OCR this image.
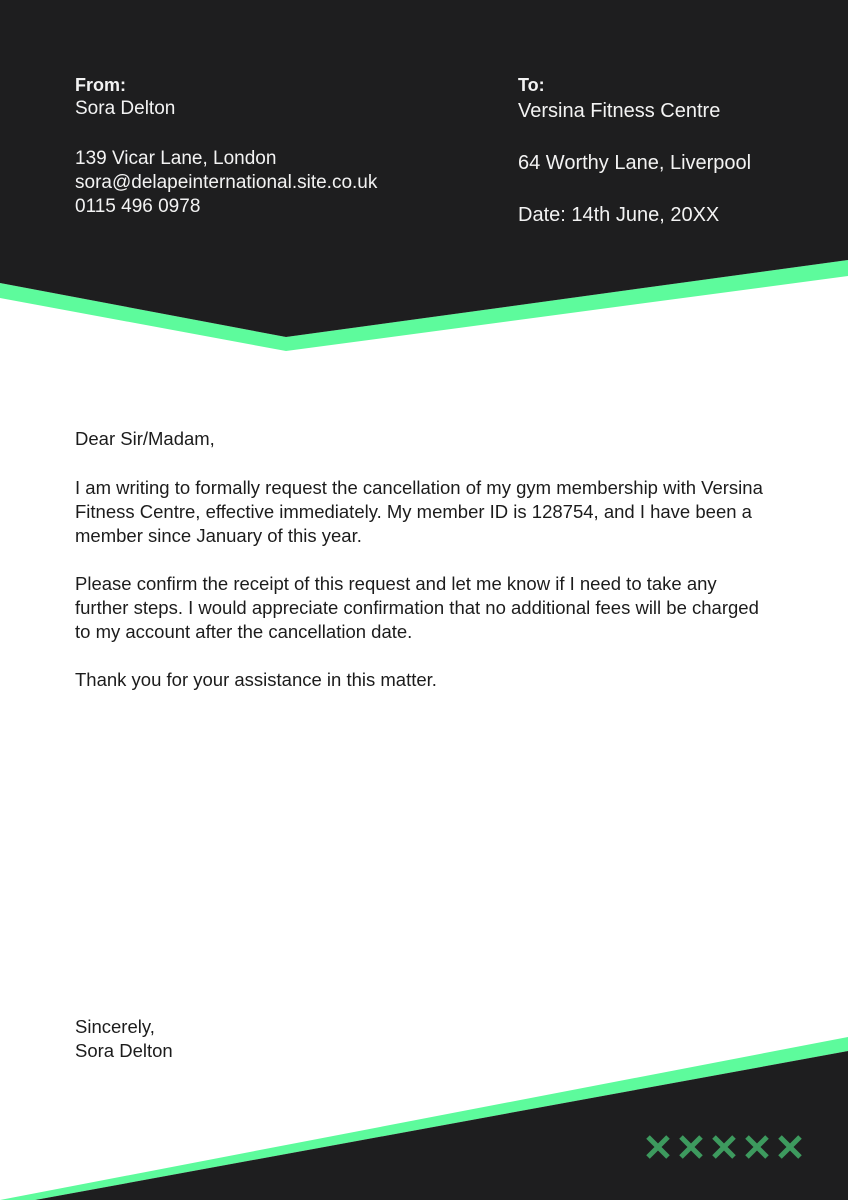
From:
Sora Delton
139 Vicar Lane, London
sora@delapeinternational.site.co.uk
0115 496 0978
To:
Versina Fitness Centre
64 Worthy Lane, Liverpool
Date: 14th June, 20XX
Dear Sir/Madam,
I am writing to formally request the cancellation of my gym membership with Versina Fitness Centre, effective immediately. My member ID is 128754, and I have been a member since January of this year.
Please confirm the receipt of this request and let me know if I need to take any further steps. I would appreciate confirmation that no additional fees will be charged to my account after the cancellation date.
Thank you for your assistance in this matter.
Sincerely,
Sora Delton
